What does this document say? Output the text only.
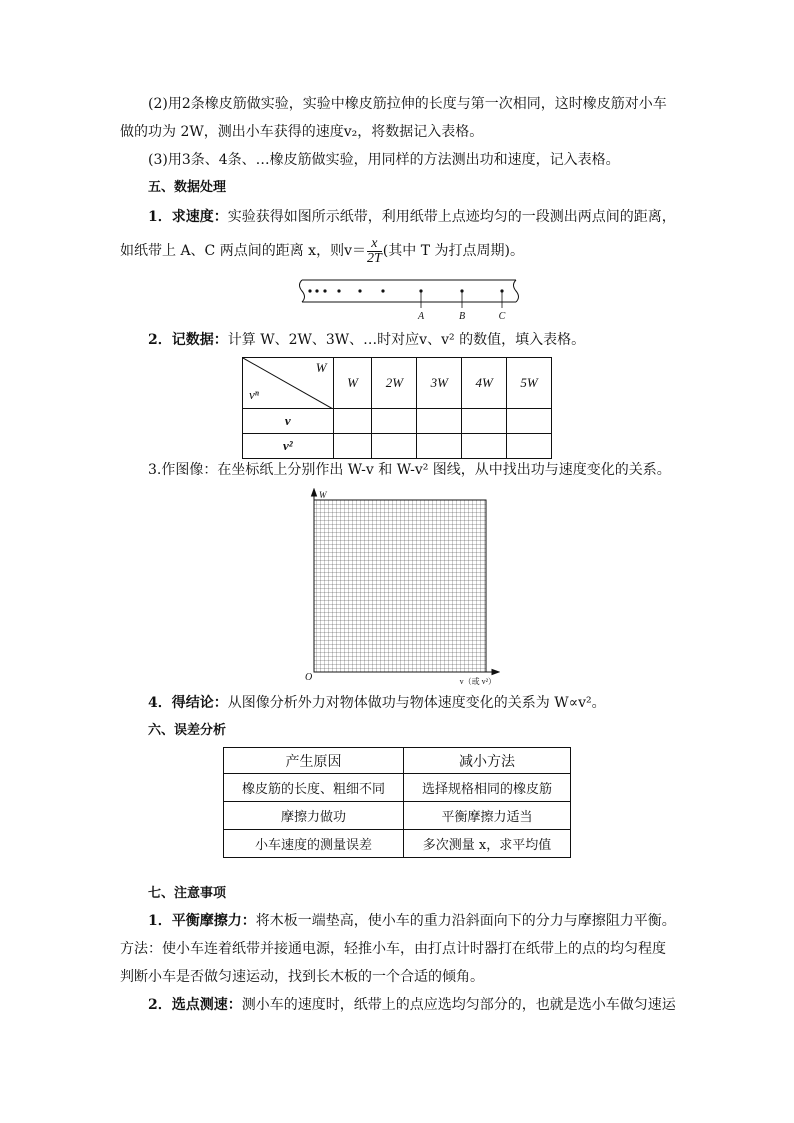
(2)用2条橡皮筋做实验，实验中橡皮筋拉伸的长度与第一次相同，这时橡皮筋对小车
做的功为 2W，测出小车获得的速度v₂，将数据记入表格。
(3)用3条、4条、…橡皮筋做实验，用同样的方法测出功和速度，记入表格。
五、数据处理
1．求速度：实验获得如图所示纸带，利用纸带上点迹均匀的一段测出两点间的距离，
如纸带上 A、C 两点间的距离 x，则$v= \frac{x}{2T}$ (其中 T 为打点周期)。
A	B	C
2．记数据：计算 W、2W、3W、…时对应v、v² 的数值，填入表格。
W
vⁿ	W	2W	3W	4W	5W
v					
v²					
3.作图像：在坐标纸上分别作出 W-v 和 W-v² 图线，从中找出功与速度变化的关系。
W
O	v（或 v²）
4．得结论：从图像分析外力对物体做功与物体速度变化的关系为 W∝v²。
六、误差分析
产生原因	减小方法
橡皮筋的长度、粗细不同	选择规格相同的橡皮筋
摩擦力做功	平衡摩擦力适当
小车速度的测量误差	多次测量 x，求平均值
七、注意事项
1．平衡摩擦力：将木板一端垫高，使小车的重力沿斜面向下的分力与摩擦阻力平衡。
方法：使小车连着纸带并接通电源，轻推小车，由打点计时器打在纸带上的点的均匀程度
判断小车是否做匀速运动，找到长木板的一个合适的倾角。
2．选点测速：测小车的速度时，纸带上的点应选均匀部分的，也就是选小车做匀速运
